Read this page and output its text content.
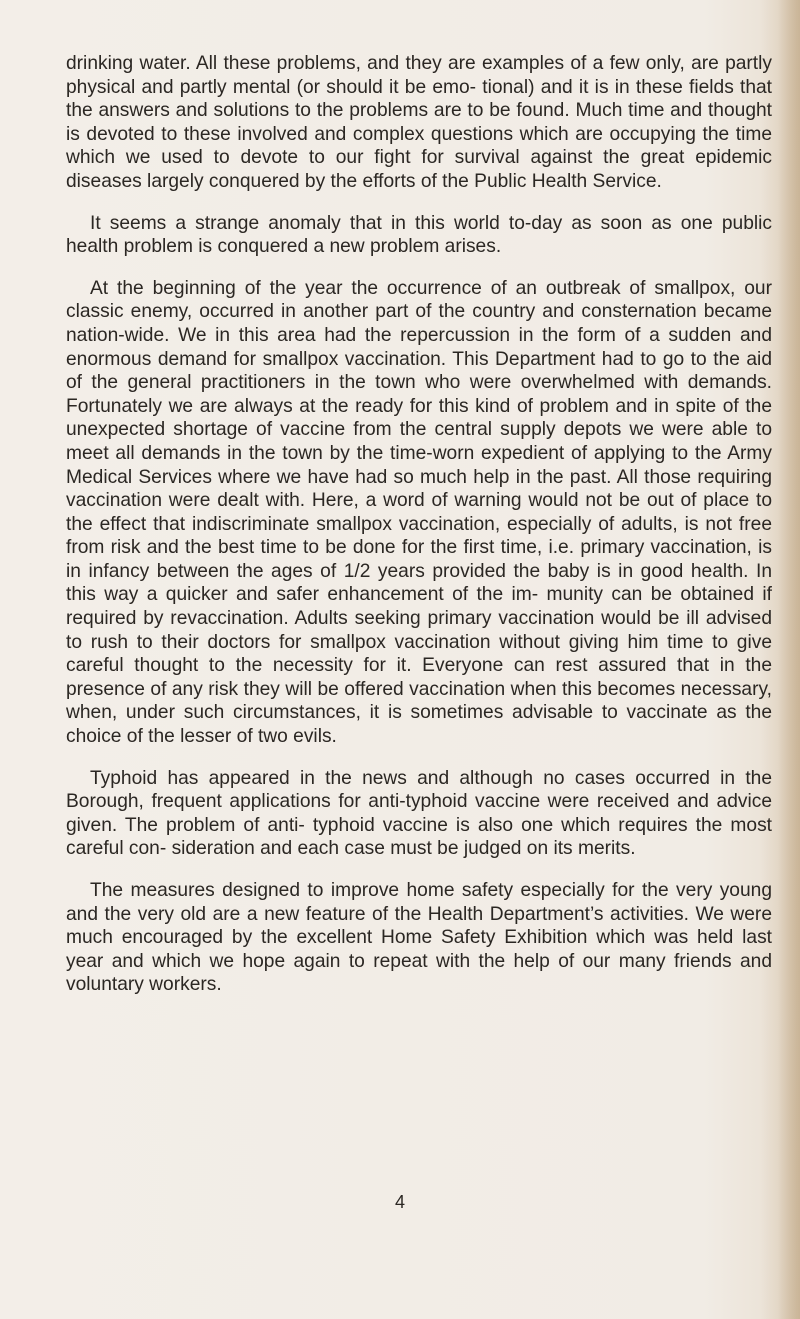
drinking water. All these problems, and they are examples of a few only, are partly physical and partly mental (or should it be emo- tional) and it is in these fields that the answers and solutions to the problems are to be found. Much time and thought is devoted to these involved and complex questions which are occupying the time which we used to devote to our fight for survival against the great epidemic diseases largely conquered by the efforts of the Public Health Service.

It seems a strange anomaly that in this world to-day as soon as one public health problem is conquered a new problem arises.

At the beginning of the year the occurrence of an outbreak of smallpox, our classic enemy, occurred in another part of the country and consternation became nation-wide. We in this area had the repercussion in the form of a sudden and enormous demand for smallpox vaccination. This Department had to go to the aid of the general practitioners in the town who were overwhelmed with demands. Fortunately we are always at the ready for this kind of problem and in spite of the unexpected shortage of vaccine from the central supply depots we were able to meet all demands in the town by the time-worn expedient of applying to the Army Medical Services where we have had so much help in the past. All those requiring vaccination were dealt with. Here, a word of warning would not be out of place to the effect that indiscriminate smallpox vaccination, especially of adults, is not free from risk and the best time to be done for the first time, i.e. primary vaccination, is in infancy between the ages of 1/2 years provided the baby is in good health. In this way a quicker and safer enhancement of the im- munity can be obtained if required by revaccination. Adults seeking primary vaccination would be ill advised to rush to their doctors for smallpox vaccination without giving him time to give careful thought to the necessity for it. Everyone can rest assured that in the presence of any risk they will be offered vaccination when this becomes necessary, when, under such circumstances, it is sometimes advisable to vaccinate as the choice of the lesser of two evils.

Typhoid has appeared in the news and although no cases occurred in the Borough, frequent applications for anti-typhoid vaccine were received and advice given. The problem of anti- typhoid vaccine is also one which requires the most careful con- sideration and each case must be judged on its merits.

The measures designed to improve home safety especially for the very young and the very old are a new feature of the Health Department’s activities. We were much encouraged by the excellent Home Safety Exhibition which was held last year and which we hope again to repeat with the help of our many friends and voluntary workers.

4
